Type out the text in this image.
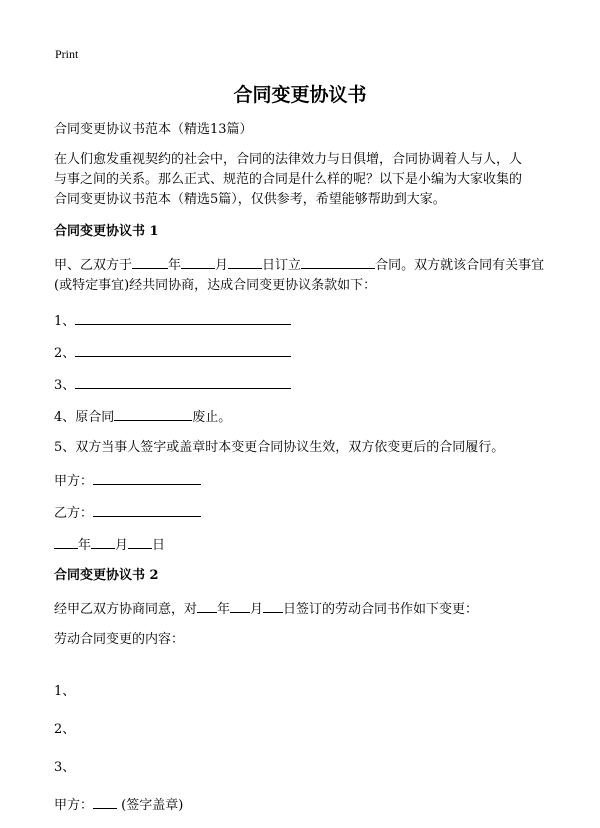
Print
合同变更协议书

合同变更协议书范本（精选13篇）

在人们愈发重视契约的社会中，合同的法律效力与日俱增，合同协调着人与人，人
与事之间的关系。那么正式、规范的合同是什么样的呢？以下是小编为大家收集的
合同变更协议书范本（精选5篇），仅供参考，希望能够帮助到大家。

合同变更协议书 1

甲、乙双方于	年	月	日订立	合同。双方就该合同有关事宜

(或特定事宜)经共同协商，达成合同变更协议条款如下：

1、

2、

3、

4、原合同	废止。

5、双方当事人签字或盖章时本变更合同协议生效，双方依变更后的合同履行。

甲方：

乙方：

年 月 日

合同变更协议书 2

经甲乙双方协商同意，对 年 月 日签订的劳动合同书作如下变更：

劳动合同变更的内容：

1、

2、

3、

甲方： (签字盖章)
